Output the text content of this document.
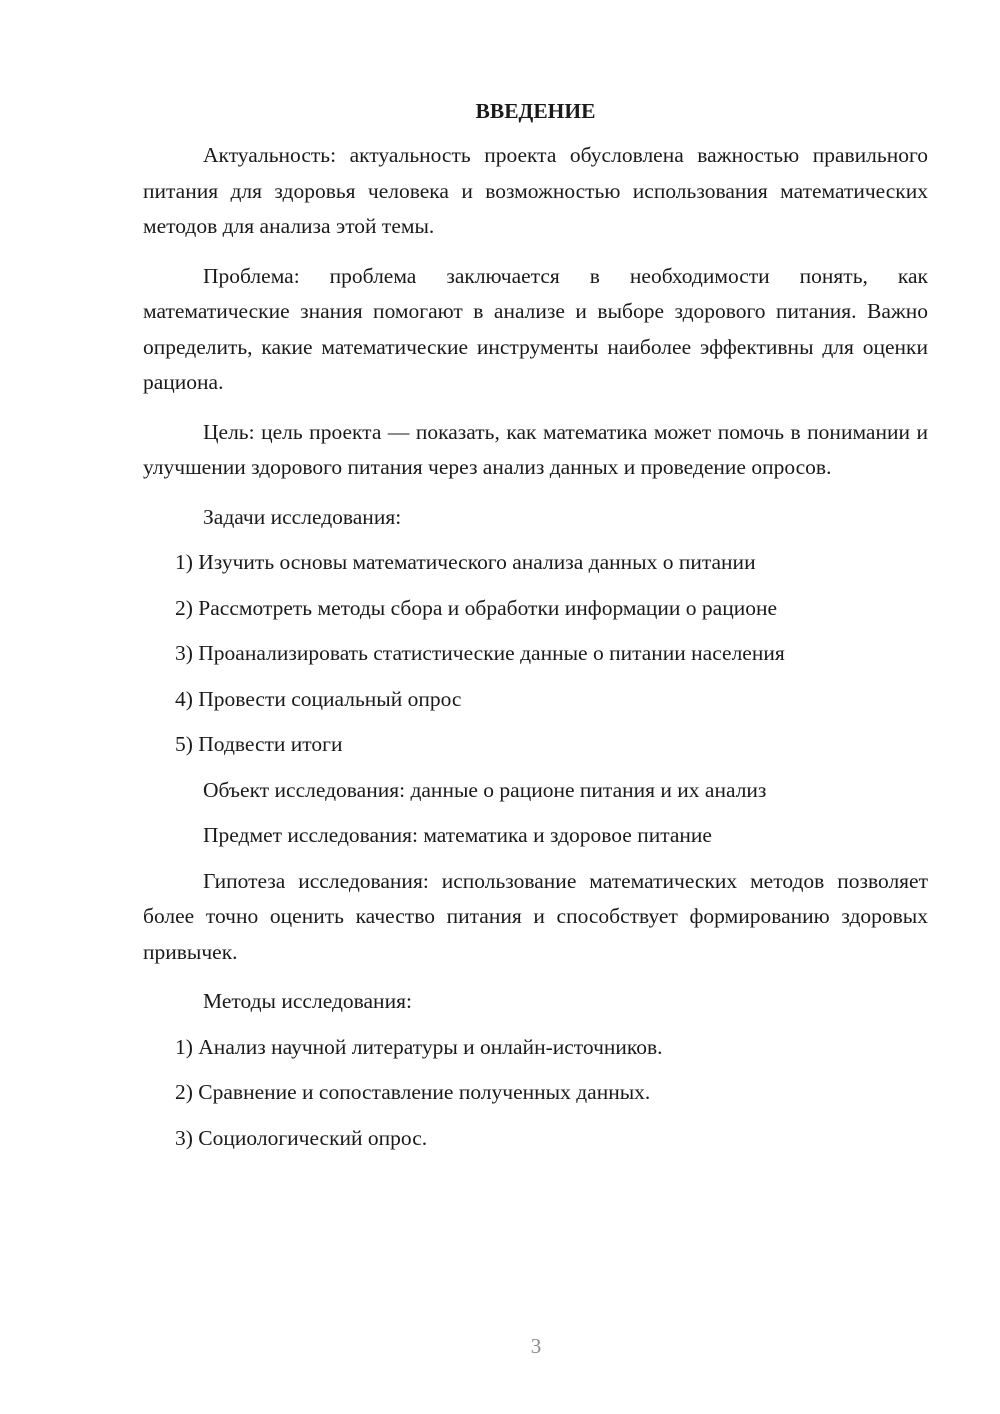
ВВЕДЕНИЕ

Актуальность: актуальность проекта обусловлена важностью правильного питания для здоровья человека и возможностью использования математических методов для анализа этой темы.

Проблема: проблема заключается в необходимости понять, как математические знания помогают в анализе и выборе здорового питания. Важно определить, какие математические инструменты наиболее эффективны для оценки рациона.

Цель: цель проекта — показать, как математика может помочь в понимании и улучшении здорового питания через анализ данных и проведение опросов.

Задачи исследования:

1) Изучить основы математического анализа данных о питании

2) Рассмотреть методы сбора и обработки информации о рационе

3) Проанализировать статистические данные о питании населения

4) Провести социальный опрос

5) Подвести итоги

Объект исследования: данные о рационе питания и их анализ

Предмет исследования: математика и здоровое питание

Гипотеза исследования: использование математических методов позволяет более точно оценить качество питания и способствует формированию здоровых привычек.

Методы исследования:

1) Анализ научной литературы и онлайн-источников.

2) Сравнение и сопоставление полученных данных.

3) Социологический опрос.

3
